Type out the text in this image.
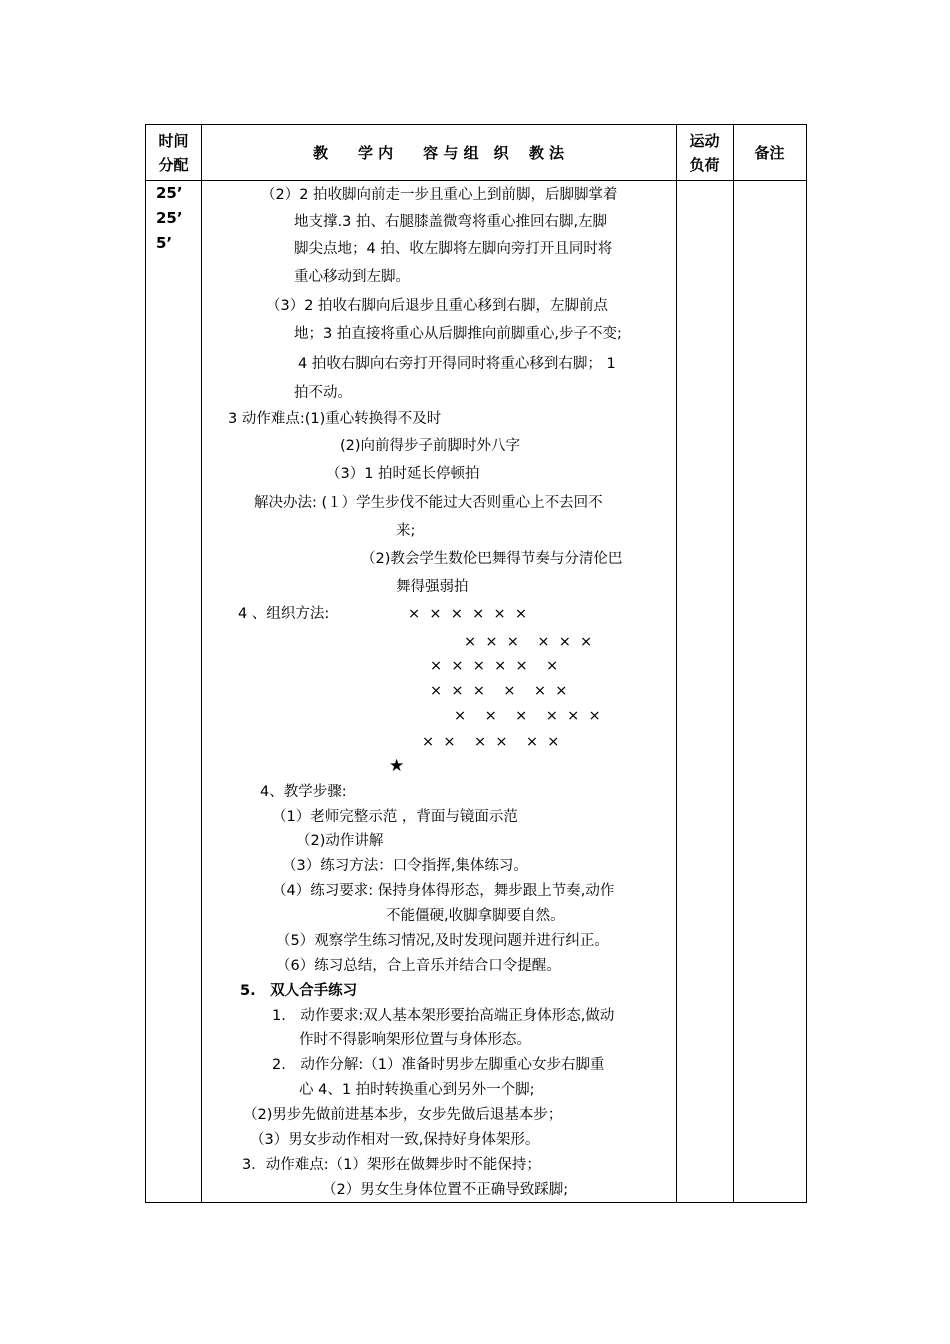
时间
分配
教　　学 内　　容 与 组　织　 教 法
运动
负荷
备注
25’
25’
5’
（2）2 拍收脚向前走一步且重心上到前脚，后脚脚掌着
地支撑.3 拍、右腿膝盖微弯将重心推回右脚,左脚
脚尖点地；4 拍、收左脚将左脚向旁打开且同时将
重心移动到左脚。
（3）2 拍收右脚向后退步且重心移到右脚，左脚前点
地；3 拍直接将重心从后脚推向前脚重心,步子不变;
4 拍收右脚向右旁打开得同时将重心移到右脚； 1
拍不动。
3 动作难点:(1)重心转换得不及时
(2)向前得步子前脚时外八字
（3）1 拍时延长停顿拍
解决办法: (１）学生步伐不能过大否则重心上不去回不
来;
（2)教会学生数伦巴舞得节奏与分清伦巴
舞得强弱拍
4 、组织方法:	×  ×  ×  ×  ×  ×
×  ×  ×    ×  ×  ×
×  ×  ×  ×  ×    ×
×  ×  ×    ×    ×  ×
×    ×    ×    ×  ×  ×
×  ×    ×  ×    ×  ×
★
4、教学步骤:
（1）老师完整示范 ，背面与镜面示范
（2)动作讲解
（3）练习方法：口令指挥,集体练习。
（4）练习要求: 保持身体得形态，舞步跟上节奏,动作
不能僵硬,收脚拿脚要自然。
（5）观察学生练习情况,及时发现问题并进行纠正。
（6）练习总结，合上音乐并结合口令提醒。
5.　双人合手练习
1.　动作要求:双人基本架形要抬高端正身体形态,做动
作时不得影响架形位置与身体形态。
2.　动作分解:（1）准备时男步左脚重心女步右脚重
心 4、1 拍时转换重心到另外一个脚;
（2)男步先做前进基本步，女步先做后退基本步；
（3）男女步动作相对一致,保持好身体架形。
3．动作难点:（1）架形在做舞步时不能保持；
（2）男女生身体位置不正确导致踩脚;
